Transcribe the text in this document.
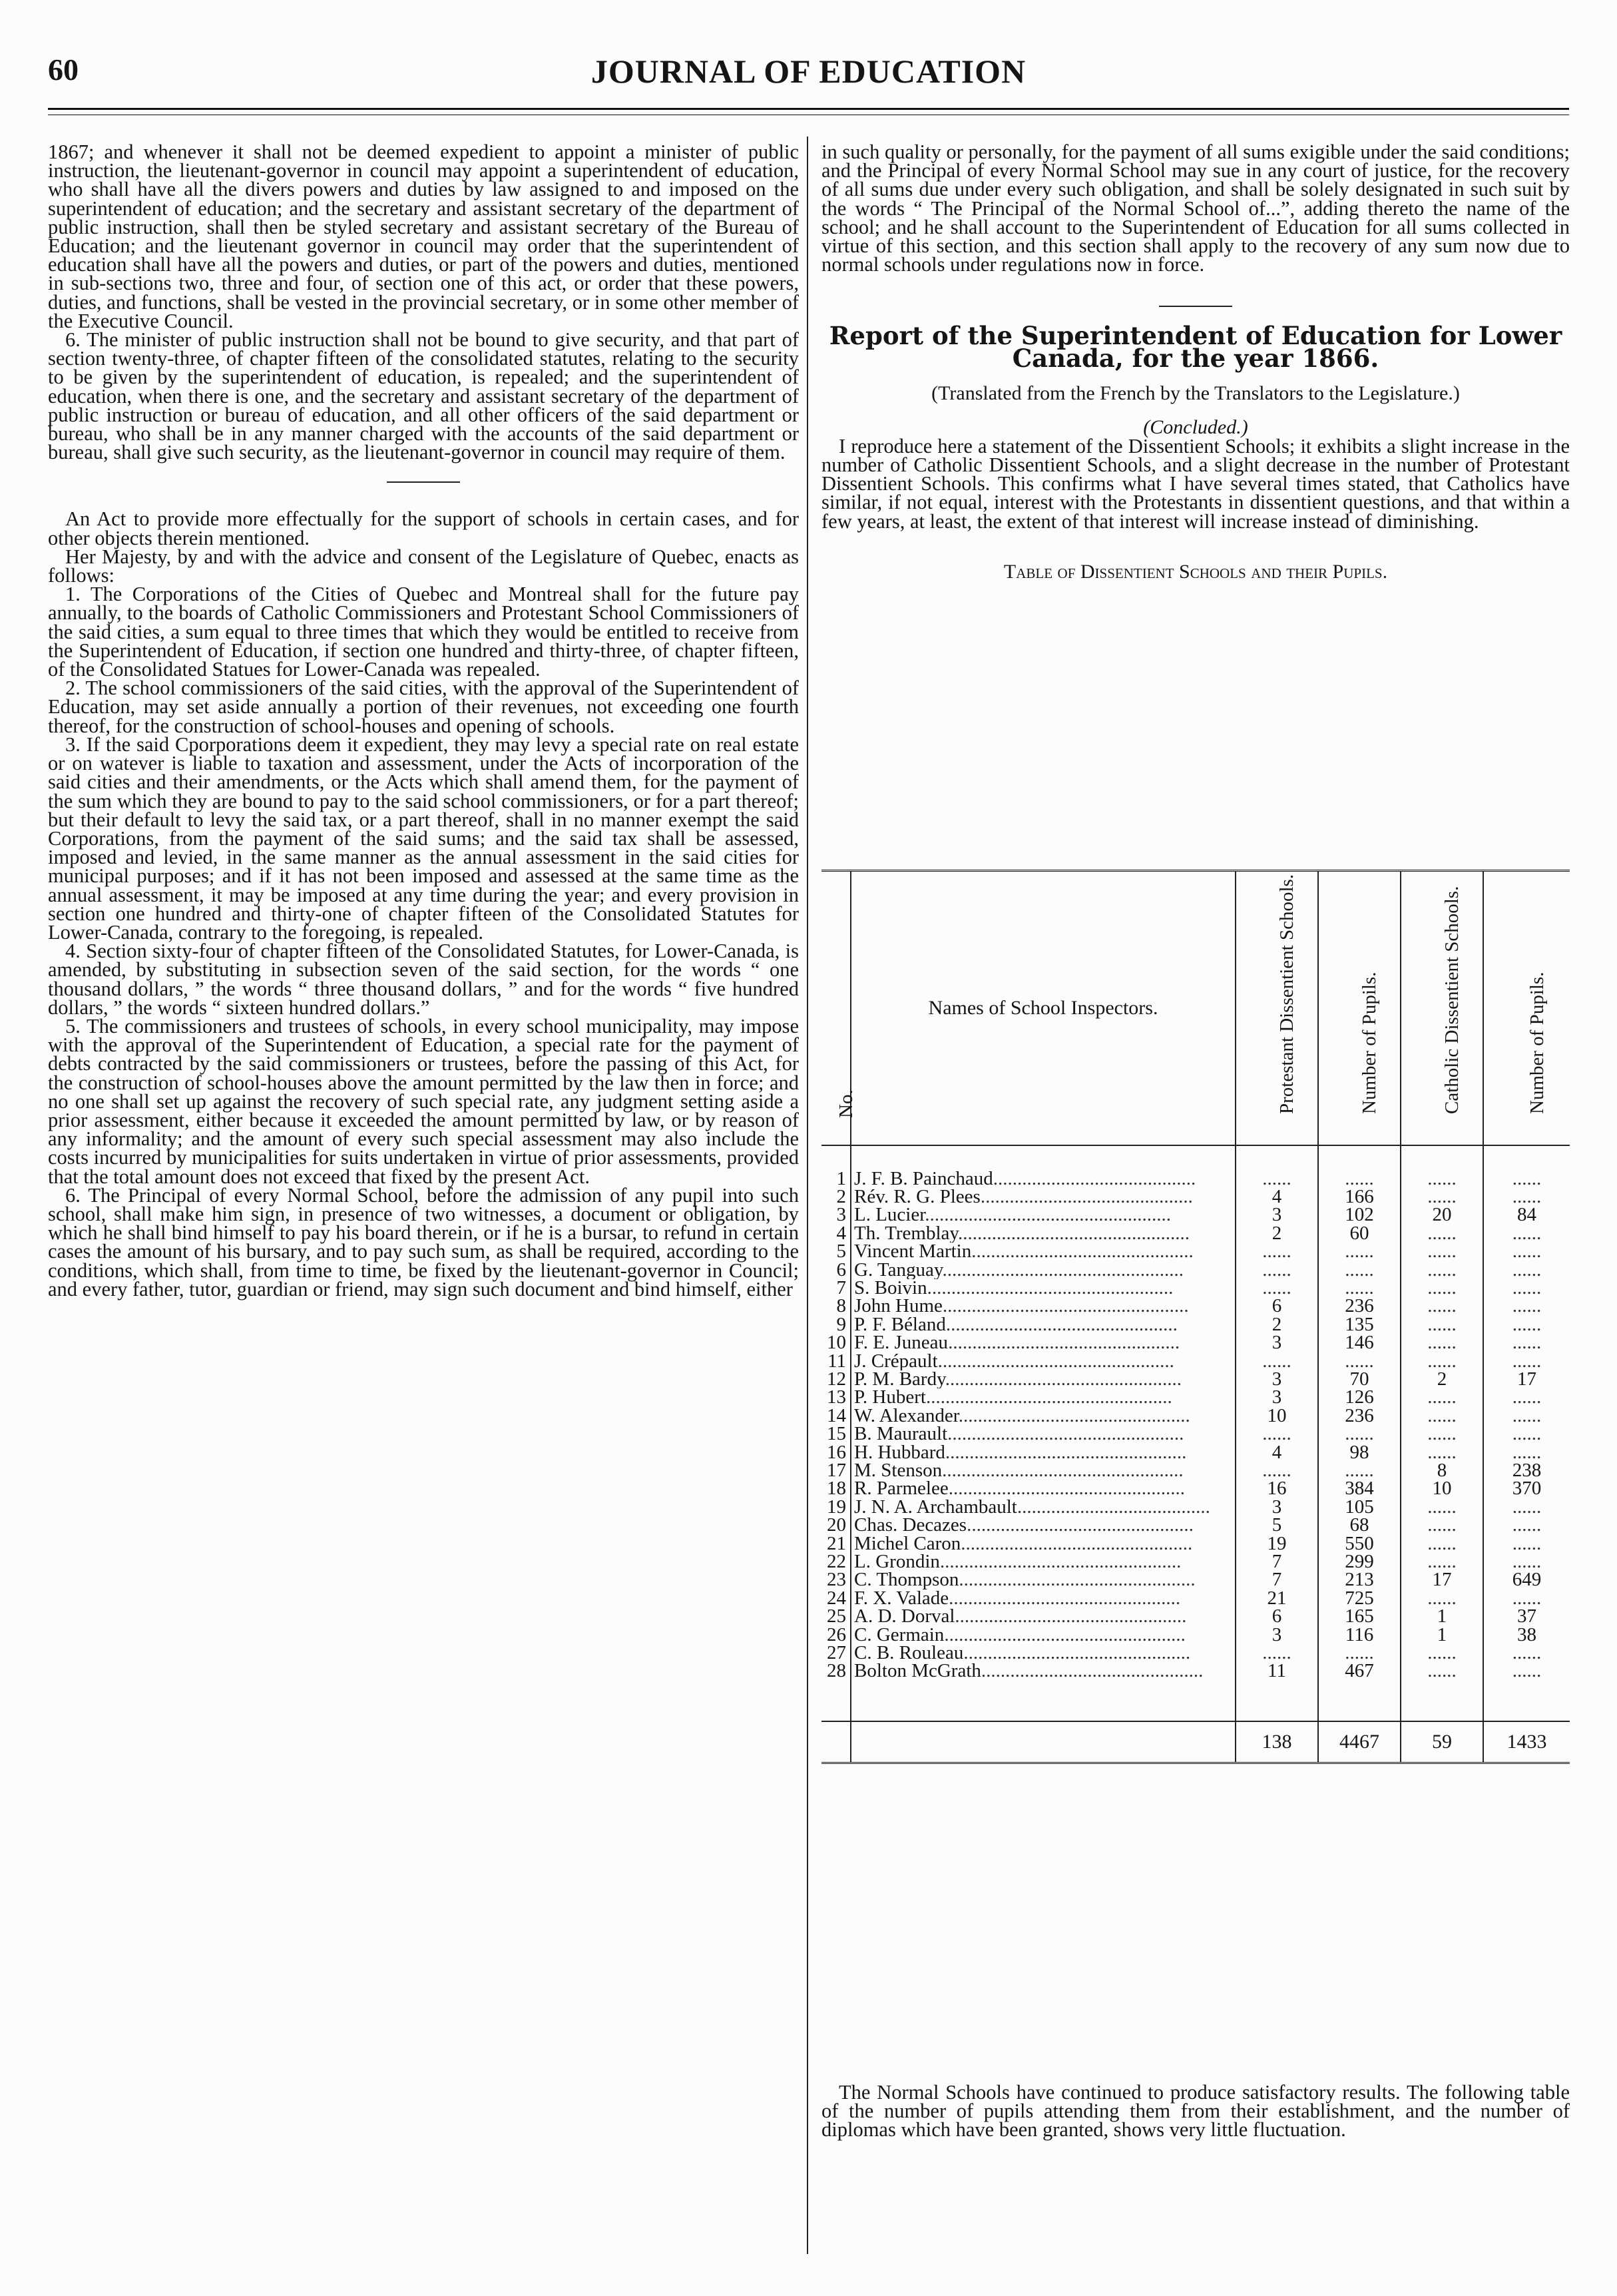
60	JOURNAL OF EDUCATION

1867; and whenever it shall not be deemed expedient to appoint a minister of public instruction, the lieutenant-governor in council may appoint a superintendent of education, who shall have all the divers powers and duties by law assigned to and imposed on the superintendent of education; and the secretary and assistant secretary of the department of public instruction, shall then be styled secretary and assistant secretary of the Bureau of Education; and the lieutenant governor in council may order that the superintendent of education shall have all the powers and duties, or part of the powers and duties, mentioned in sub-sections two, three and four, of section one of this act, or order that these powers, duties, and functions, shall be vested in the provincial secretary, or in some other member of the Executive Council.

6. The minister of public instruction shall not be bound to give security, and that part of section twenty-three, of chapter fifteen of the consolidated statutes, relating to the security to be given by the superintendent of education, is repealed; and the superintendent of education, when there is one, and the secretary and assistant secretary of the department of public instruction or bureau of education, and all other officers of the said department or bureau, who shall be in any manner charged with the accounts of the said department or bureau, shall give such security, as the lieutenant-governor in council may require of them.

An Act to provide more effectually for the support of schools in certain cases, and for other objects therein mentioned.

Her Majesty, by and with the advice and consent of the Legislature of Quebec, enacts as follows:

1. The Corporations of the Cities of Quebec and Montreal shall for the future pay annually, to the boards of Catholic Commissioners and Protestant School Commissioners of the said cities, a sum equal to three times that which they would be entitled to receive from the Superintendent of Education, if section one hundred and thirty-three, of chapter fifteen, of the Consolidated Statues for Lower-Canada was repealed.

2. The school commissioners of the said cities, with the approval of the Superintendent of Education, may set aside annually a portion of their revenues, not exceeding one fourth thereof, for the construction of school-houses and opening of schools.

3. If the said Cporporations deem it expedient, they may levy a special rate on real estate or on watever is liable to taxation and assessment, under the Acts of incorporation of the said cities and their amendments, or the Acts which shall amend them, for the payment of the sum which they are bound to pay to the said school commissioners, or for a part thereof; but their default to levy the said tax, or a part thereof, shall in no manner exempt the said Corporations, from the payment of the said sums; and the said tax shall be assessed, imposed and levied, in the same manner as the annual assessment in the said cities for municipal purposes; and if it has not been imposed and assessed at the same time as the annual assessment, it may be imposed at any time during the year; and every provision in section one hundred and thirty-one of chapter fifteen of the Consolidated Statutes for Lower-Canada, contrary to the foregoing, is repealed.

4. Section sixty-four of chapter fifteen of the Consolidated Statutes, for Lower-Canada, is amended, by substituting in subsection seven of the said section, for the words “ one thousand dollars, ” the words “ three thousand dollars, ” and for the words “ five hundred dollars, ” the words “ sixteen hundred dollars.”

5. The commissioners and trustees of schools, in every school municipality, may impose with the approval of the Superintendent of Education, a special rate for the payment of debts contracted by the said commissioners or trustees, before the passing of this Act, for the construction of school-houses above the amount permitted by the law then in force; and no one shall set up against the recovery of such special rate, any judgment setting aside a prior assessment, either because it exceeded the amount permitted by law, or by reason of any informality; and the amount of every such special assessment may also include the costs incurred by municipalities for suits undertaken in virtue of prior assessments, provided that the total amount does not exceed that fixed by the present Act.

6. The Principal of every Normal School, before the admission of any pupil into such school, shall make him sign, in presence of two witnesses, a document or obligation, by which he shall bind himself to pay his board therein, or if he is a bursar, to refund in certain cases the amount of his bursary, and to pay such sum, as shall be required, according to the conditions, which shall, from time to time, be fixed by the lieutenant-governor in Council; and every father, tutor, guardian or friend, may sign such document and bind himself, either

in such quality or personally, for the payment of all sums exigible under the said conditions; and the Principal of every Normal School may sue in any court of justice, for the recovery of all sums due under every such obligation, and shall be solely designated in such suit by the words “ The Principal of the Normal School of...”, adding thereto the name of the school; and he shall account to the Superintendent of Education for all sums collected in virtue of this section, and this section shall apply to the recovery of any sum now due to normal schools under regulations now in force.

Report of the Superintendent of Education for Lower Canada, for the year 1866.
(Translated from the French by the Translators to the Legislature.)
(Concluded.)

I reproduce here a statement of the Dissentient Schools; it exhibits a slight increase in the number of Catholic Dissentient Schools, and a slight decrease in the number of Protestant Dissentient Schools. This confirms what I have several times stated, that Catholics have similar, if not equal, interest with the Protestants in dissentient questions, and that within a few years, at least, the extent of that interest will increase instead of diminishing.

Table of Dissentient Schools and their Pupils.
No.	Names of School Inspectors.	Protestant Dissentient Schools.	Number of Pupils.	Catholic Dissentient Schools.	Number of Pupils.

1	J. F. B. Painchaud..........................................	......	......	......	......
2	Rév. R. G. Plees............................................	4	166	......	......
3	L. Lucier...................................................	3	102	20	84
4	Th. Tremblay................................................	2	60	......	......
5	Vincent Martin..............................................	......	......	......	......
6	G. Tanguay..................................................	......	......	......	......
7	S. Boivin...................................................	......	......	......	......
8	John Hume...................................................	6	236	......	......
9	P. F. Béland................................................	2	135	......	......
10	F. E. Juneau................................................	3	146	......	......
11	J. Crépault.................................................	......	......	......	......
12	P. M. Bardy.................................................	3	70	2	17
13	P. Hubert...................................................	3	126	......	......
14	W. Alexander................................................	10	236	......	......
15	B. Maurault.................................................	......	......	......	......
16	H. Hubbard..................................................	4	98	......	......
17	M. Stenson..................................................	......	......	8	238
18	R. Parmelee.................................................	16	384	10	370
19	J. N. A. Archambault........................................	3	105	......	......
20	Chas. Decazes...............................................	5	68	......	......
21	Michel Caron................................................	19	550	......	......
22	L. Grondin..................................................	7	299	......	......
23	C. Thompson.................................................	7	213	17	649
24	F. X. Valade................................................	21	725	......	......
25	A. D. Dorval................................................	6	165	1	37
26	C. Germain..................................................	3	116	1	38
27	C. B. Rouleau...............................................	......	......	......	......
28	Bolton McGrath..............................................	11	467	......	......

		138	4467	59	1433

The Normal Schools have continued to produce satisfactory results. The following table of the number of pupils attending them from their establishment, and the number of diplomas which have been granted, shows very little fluctuation.
